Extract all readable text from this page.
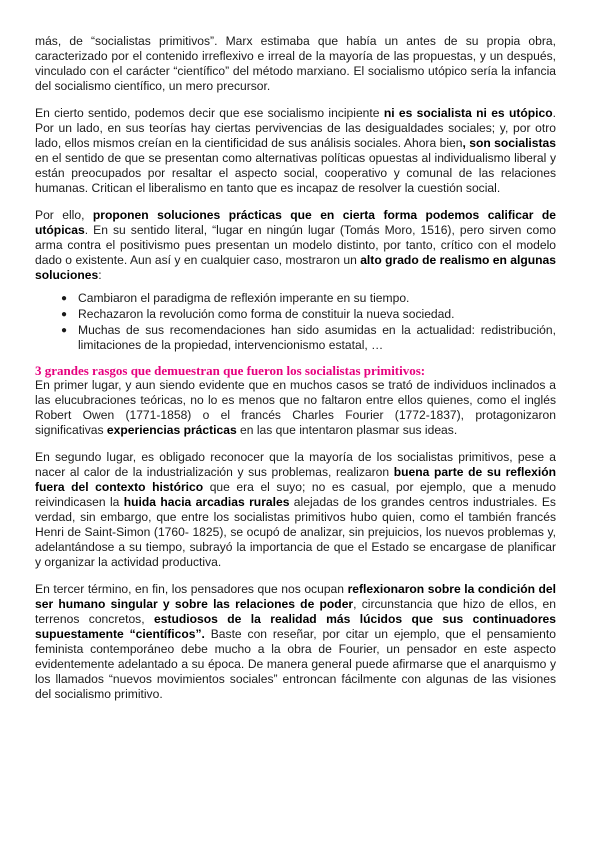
más, de “socialistas primitivos”. Marx estimaba que había un antes de su propia obra, caracterizado por el contenido irreflexivo e irreal de la mayoría de las propuestas, y un después, vinculado con el carácter “científico” del método marxiano. El socialismo utópico sería la infancia del socialismo científico, un mero precursor.

En cierto sentido, podemos decir que ese socialismo incipiente ni es socialista ni es utópico. Por un lado, en sus teorías hay ciertas pervivencias de las desigualdades sociales; y, por otro lado, ellos mismos creían en la cientificidad de sus análisis sociales. Ahora bien, son socialistas en el sentido de que se presentan como alternativas políticas opuestas al individualismo liberal y están preocupados por resaltar el aspecto social, cooperativo y comunal de las relaciones humanas. Critican el liberalismo en tanto que es incapaz de resolver la cuestión social.

Por ello, proponen soluciones prácticas que en cierta forma podemos calificar de utópicas. En su sentido literal, “lugar en ningún lugar (Tomás Moro, 1516), pero sirven como arma contra el positivismo pues presentan un modelo distinto, por tanto, crítico con el modelo dado o existente. Aun así y en cualquier caso, mostraron un alto grado de realismo en algunas soluciones:

● Cambiaron el paradigma de reflexión imperante en su tiempo.
● Rechazaron la revolución como forma de constituir la nueva sociedad.
● Muchas de sus recomendaciones han sido asumidas en la actualidad: redistribución, limitaciones de la propiedad, intervencionismo estatal, …
3 grandes rasgos que demuestran que fueron los socialistas primitivos:

En primer lugar, y aun siendo evidente que en muchos casos se trató de individuos inclinados a las elucubraciones teóricas, no lo es menos que no faltaron entre ellos quienes, como el inglés Robert Owen (1771-1858) o el francés Charles Fourier (1772-1837), protagonizaron significativas experiencias prácticas en las que intentaron plasmar sus ideas.

En segundo lugar, es obligado reconocer que la mayoría de los socialistas primitivos, pese a nacer al calor de la industrialización y sus problemas, realizaron buena parte de su reflexión fuera del contexto histórico que era el suyo; no es casual, por ejemplo, que a menudo reivindicasen la huida hacia arcadias rurales alejadas de los grandes centros industriales. Es verdad, sin embargo, que entre los socialistas primitivos hubo quien, como el también francés Henri de Saint-Simon (1760- 1825), se ocupó de analizar, sin prejuicios, los nuevos problemas y, adelantándose a su tiempo, subrayó la importancia de que el Estado se encargase de planificar y organizar la actividad productiva.

En tercer término, en fin, los pensadores que nos ocupan reflexionaron sobre la condición del ser humano singular y sobre las relaciones de poder, circunstancia que hizo de ellos, en terrenos concretos, estudiosos de la realidad más lúcidos que sus continuadores supuestamente “científicos”. Baste con reseñar, por citar un ejemplo, que el pensamiento feminista contemporáneo debe mucho a la obra de Fourier, un pensador en este aspecto evidentemente adelantado a su época. De manera general puede afirmarse que el anarquismo y los llamados “nuevos movimientos sociales” entroncan fácilmente con algunas de las visiones del socialismo primitivo.
